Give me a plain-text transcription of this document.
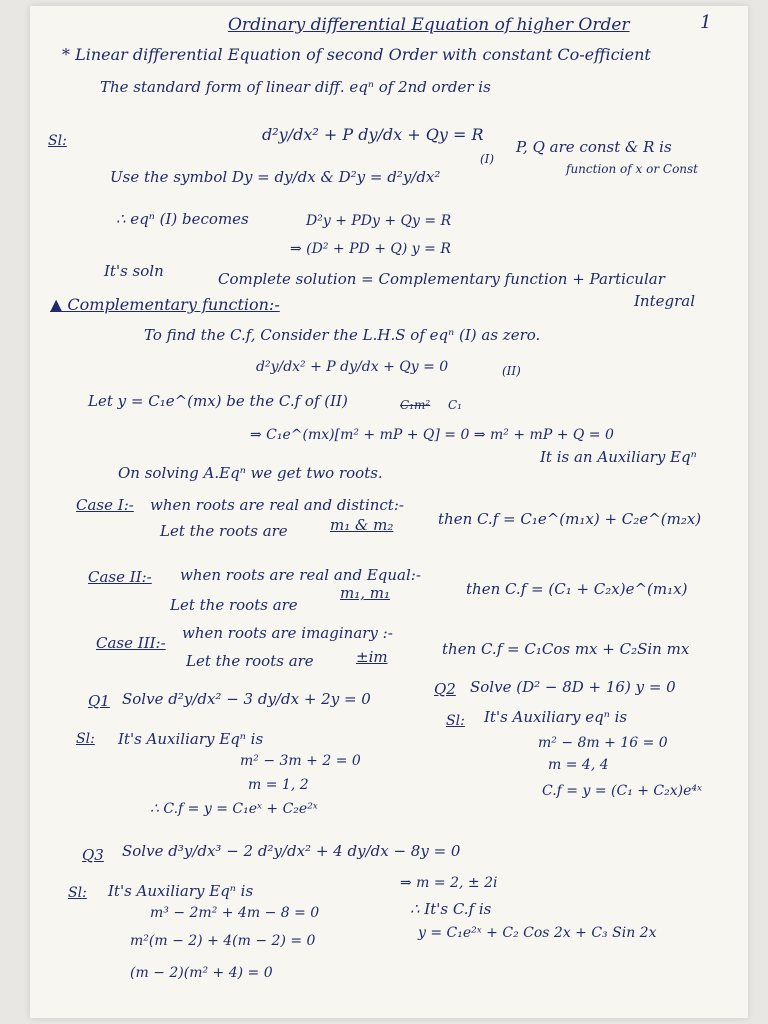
Ordinary differential Equation of higher Order	1
* Linear differential Equation of second Order with constant Co-efficient
The standard form of linear diff. eqⁿ of 2nd order is
Sl:	d²y/dx² + P dy/dx + Qy = R
(I)
P, Q are const & R is
function of x or Const
Use the symbol Dy = dy/dx & D²y = d²y/dx²
∴ eqⁿ (I) becomes	D²y + PDy + Qy = R
⇒ (D² + PD + Q) y = R
It's soln	Complete solution = Complementary function + Particular
Integral
▲ Complementary function:-
To find the C.f, Consider the L.H.S of eqⁿ (I) as zero.
d²y/dx² + P dy/dx + Qy = 0	(II)
Let y = C₁e^(mx) be the C.f of (II)	C₁m² C₁
⇒ C₁e^(mx)[m² + mP + Q] = 0 ⇒ m² + mP + Q = 0
It is an Auxiliary Eqⁿ
On solving A.Eqⁿ we get two roots.
Case I:- when roots are real and distinct:-
Let the roots are	m₁ & m₂	then C.f = C₁e^(m₁x) + C₂e^(m₂x)
Case II:- when roots are real and Equal:-
Let the roots are
m₁, m₁	then C.f = (C₁ + C₂x)e^(m₁x)
Case III:-
when roots are imaginary :-
Let the roots are	±im	then C.f = C₁Cos mx + C₂Sin mx
Q1 Solve d²y/dx² − 3 dy/dx + 2y = 0
Sl: It's Auxiliary Eqⁿ is
m² − 3m + 2 = 0
m = 1, 2
∴ C.f = y = C₁eˣ + C₂e²ˣ
Q2 Solve (D² − 8D + 16) y = 0
Sl: It's Auxiliary eqⁿ is
m² − 8m + 16 = 0
m = 4, 4
C.f = y = (C₁ + C₂x)e⁴ˣ
Q3 Solve d³y/dx³ − 2 d²y/dx² + 4 dy/dx − 8y = 0
Sl: It's Auxiliary Eqⁿ is
m³ − 2m² + 4m − 8 = 0
m²(m − 2) + 4(m − 2) = 0
(m − 2)(m² + 4) = 0
⇒ m = 2, ± 2i
∴ It's C.f is
y = C₁e²ˣ + C₂ Cos 2x + C₃ Sin 2x
